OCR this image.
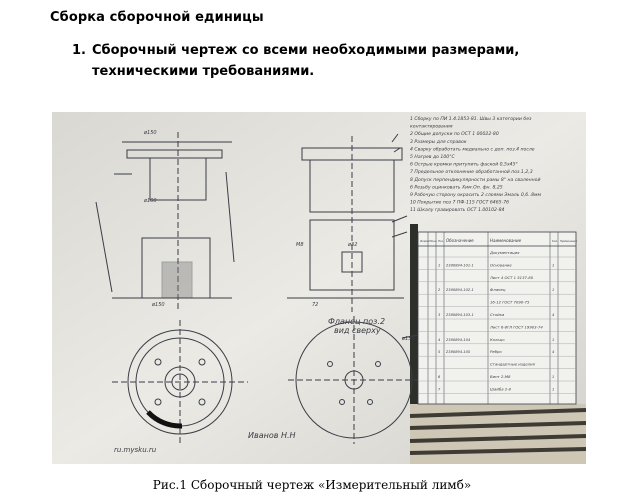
Сборка сборочной единицы
1. Сборочный чертеж со всеми необходимыми размерами, техническими требованиями.
Фланец поз.2
вид сверху
ø150
ø100
ø150	72
ø32
M8
ø150
1 Сборку по ПИ 1.4.1853-81. Швы 3 категории без
контактирования
2 Общие допуски по ОСТ 1 00022-80
3 Размеры для справок
4 Сварку обработать медиально с доп. поз.4 после
5 Нагрев до 100°С
6 Острые кромки притупить фаской 0,5х45°
7 Предельное отклонение обработанной поз.1,2,3
8 Допуск перпендикулярности рамы 8° на сваленной
6 Резьбу оцинковать Хим.Оп. фн. 8,25
9 Рабочую сторону окрасить 2 слоями Эмаль 0,6..8мм
10 Покрытие поз 7 ПФ-115 ГОСТ 6465-76
11 Шкалу гравировать ОСТ 1.00102-84
Формат Зона Поз. Обозначение	Наименование	Кол. Примечание
Документация
1 2380894-101-1	Основание	1
Лист 4 ОСТ 1 5137-80
2 2380894-102-1	Фланец	1
16-12 ГОСТ 7090-75
3 2380894-103-1	Стойка	4
Лист 6-8ГЛ ГОСТ 19903-74
4 2380894-104	Кольцо	1
5 2380894-105	Ребро	4
Стандартные изделия
6	Винт 2-М8	1
7	Шайба 2-8	1
ru.mysku.ru
Иванов Н.Н
Рис.1 Сборочный чертеж «Измерительный лимб»
